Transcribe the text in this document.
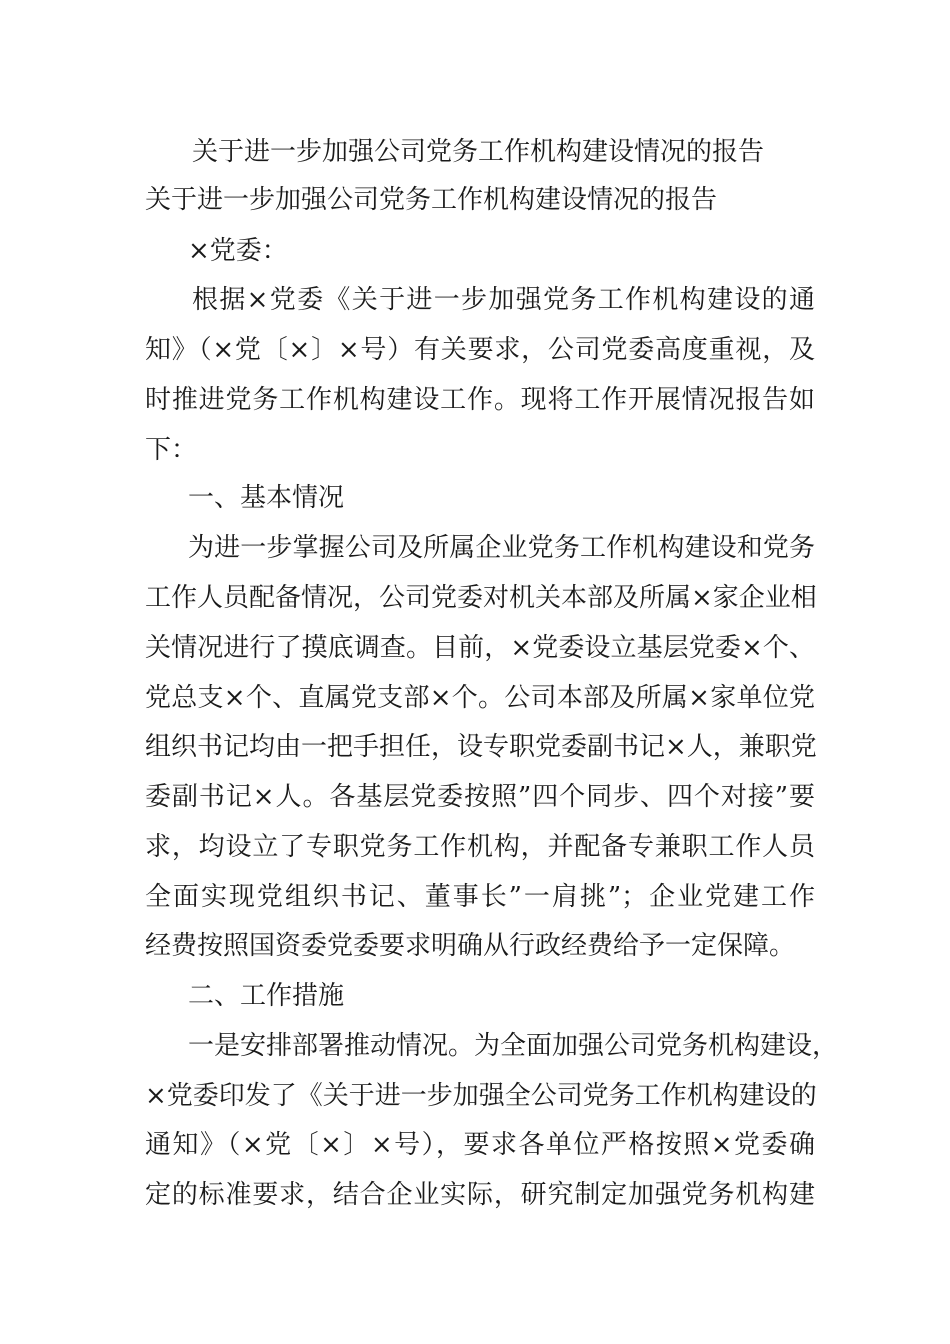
关于进一步加强公司党务工作机构建设情况的报告
关于进一步加强公司党务工作机构建设情况的报告
×党委：
根据×党委《关于进一步加强党务工作机构建设的通
知》（×党〔×〕×号）有关要求，公司党委高度重视，及
时推进党务工作机构建设工作。现将工作开展情况报告如
下：
一、基本情况
为进一步掌握公司及所属企业党务工作机构建设和党务
工作人员配备情况，公司党委对机关本部及所属×家企业相
关情况进行了摸底调查。目前，×党委设立基层党委×个、
党总支×个、直属党支部×个。公司本部及所属×家单位党
组织书记均由一把手担任，设专职党委副书记×人，兼职党
委副书记×人。各基层党委按照”四个同步、四个对接”要
求，均设立了专职党务工作机构，并配备专兼职工作人员
全面实现党组织书记、董事长”一肩挑”；企业党建工作
经费按照国资委党委要求明确从行政经费给予一定保障。
二、工作措施
一是安排部署推动情况。为全面加强公司党务机构建设，
×党委印发了《关于进一步加强全公司党务工作机构建设的
通知》（×党〔×〕×号），要求各单位严格按照×党委确
定的标准要求，结合企业实际，研究制定加强党务机构建
